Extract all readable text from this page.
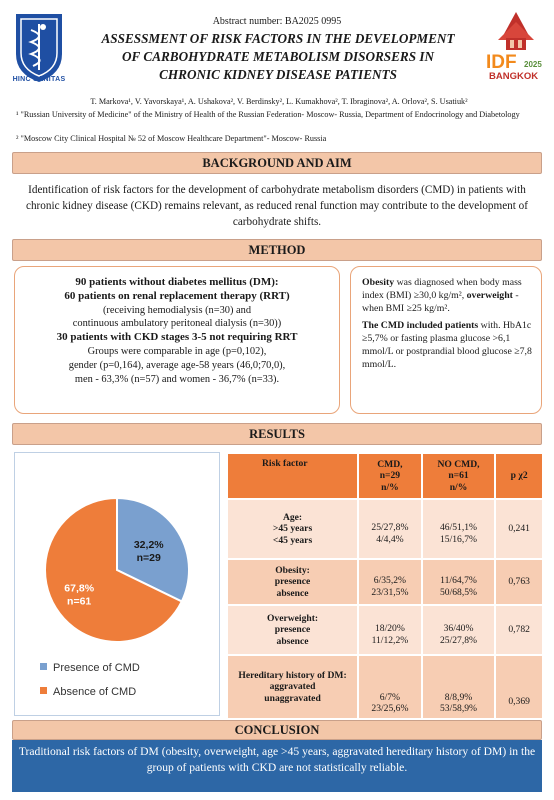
HINC SANITAS
IDF 2025
BANGKOK
Abstract number: BA2025 0995
ASSESSMENT OF RISK FACTORS IN THE DEVELOPMENT
OF CARBOHYDRATE METABOLISM DISORSERS IN
CHRONIC KIDNEY DISEASE PATIENTS
T. Markova¹, V. Yavorskaya¹, A. Ushakova², V. Berdinsky², L. Kumakhova², T. Ibraginova², A. Orlova², S. Usatiuk²
¹ "Russian University of Medicine" of the Ministry of Health of the Russian Federation- Moscow- Russia, Department of Endocrinology and Diabetology
² "Moscow City Clinical Hospital № 52 of Moscow Healthcare Department"- Moscow- Russia
BACKGROUND AND AIM
Identification of risk factors for the development of carbohydrate metabolism disorders (CMD) in patients with chronic kidney disease (CKD) remains relevant, as reduced renal function may contribute to the development of carbohydrate shifts.
METHOD
90 patients without diabetes mellitus (DM):
60 patients on renal replacement therapy (RRT)
(receiving hemodialysis (n=30) and
continuous ambulatory peritoneal dialysis (n=30))
30 patients with CKD stages 3-5 not requiring RRT
Groups were comparable in age (p=0,102),
gender (p=0,164), average age-58 years (46,0;70,0),
men - 63,3% (n=57) and women - 36,7% (n=33).

Obesity was diagnosed when body mass index (BMI) ≥30,0 kg/m², overweight - when BMI ≥25 kg/m².

The CMD included patients with. HbA1c ≥5,7% or fasting plasma glucose >6,1 mmol/L or postprandial blood glucose ≥7,8 mmol/L.

RESULTS
32,2%
n=29
67,8%
n=61
Presence of CMD
Absence of CMD
Risk factor	CMD,
n=29
n/%	NO CMD,
n=61
n/%	p χ2

Age:
>45 years
<45 years	25/27,8%
4/4,4%	46/51,1%
15/16,7%	0,241

Obesity:
presence
absence	6/35,2%
23/31,5%	11/64,7%
50/68,5%	0,763

Overweight:
presence
absence	18/20%
11/12,2%	36/40%
25/27,8%	0,782

Hereditary history of DM:
aggravated
unaggravated	6/7%
23/25,6%	8/8,9%
53/58,9%	0,369
CONCLUSION
Traditional risk factors of DM (obesity, overweight, age >45 years, aggravated hereditary history of DM) in the group of patients with CKD are not statistically reliable.
